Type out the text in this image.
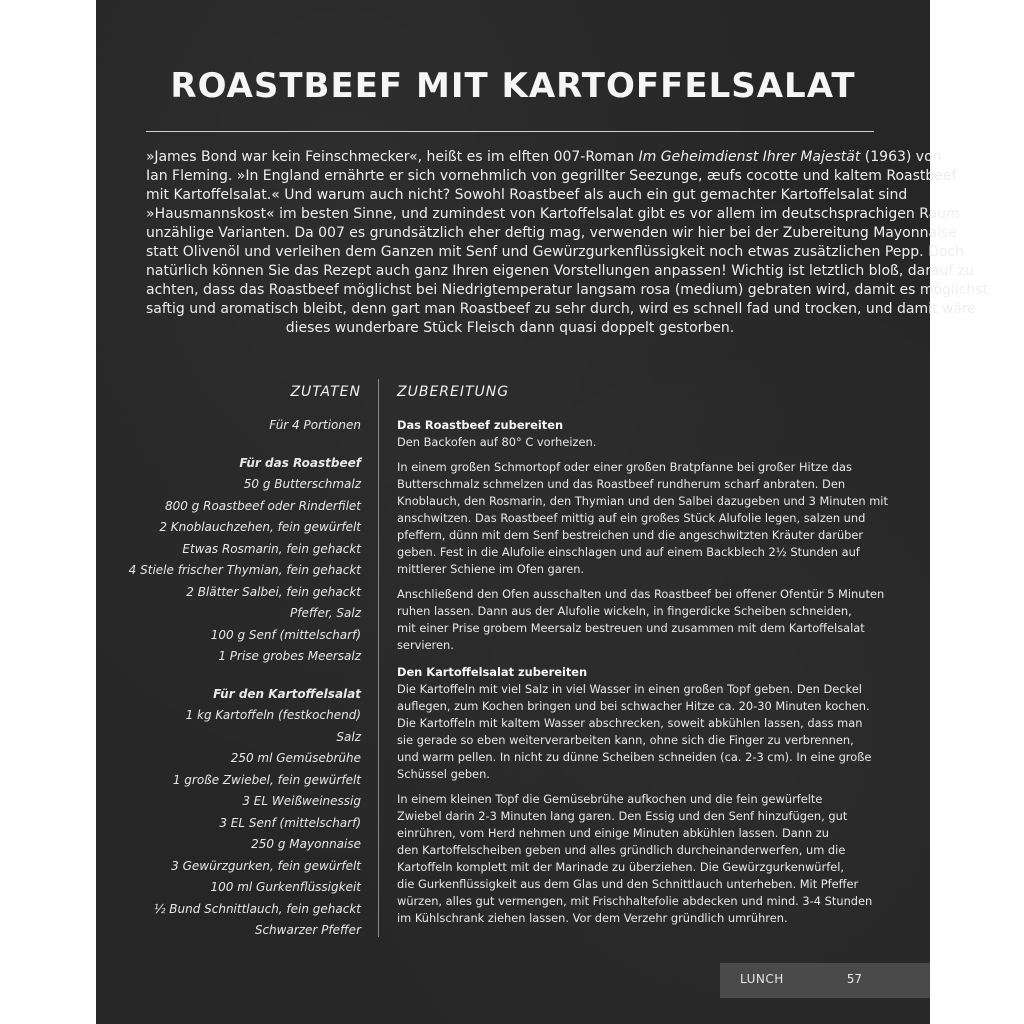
ROASTBEEF MIT KARTOFFELSALAT
»James Bond war kein Feinschmecker«, heißt es im elften 007-Roman Im Geheimdienst Ihrer Majestät (1963) von
Ian Fleming. »In England ernährte er sich vornehmlich von gegrillter Seezunge, æufs cocotte und kaltem Roastbeef
mit Kartoffelsalat.« Und warum auch nicht? Sowohl Roastbeef als auch ein gut gemachter Kartoffelsalat sind
»Hausmannskost« im besten Sinne, und zumindest von Kartoffelsalat gibt es vor allem im deutschsprachigen Raum
unzählige Varianten. Da 007 es grundsätzlich eher deftig mag, verwenden wir hier bei der Zubereitung Mayonnaise
statt Olivenöl und verleihen dem Ganzen mit Senf und Gewürzgurkenflüssigkeit noch etwas zusätzlichen Pepp. Doch
natürlich können Sie das Rezept auch ganz Ihren eigenen Vorstellungen anpassen! Wichtig ist letztlich bloß, darauf zu
achten, dass das Roastbeef möglichst bei Niedrigtemperatur langsam rosa (medium) gebraten wird, damit es möglichst
saftig und aromatisch bleibt, denn gart man Roastbeef zu sehr durch, wird es schnell fad und trocken, und damit wäre
dieses wunderbare Stück Fleisch dann quasi doppelt gestorben.
ZUTATEN	ZUBEREITUNG
Für 4 Portionen
Für das Roastbeef
50 g Butterschmalz
800 g Roastbeef oder Rinderfilet
2 Knoblauchzehen, fein gewürfelt
Etwas Rosmarin, fein gehackt
4 Stiele frischer Thymian, fein gehackt
2 Blätter Salbei, fein gehackt
Pfeffer, Salz
100 g Senf (mittelscharf)
1 Prise grobes Meersalz
Für den Kartoffelsalat
1 kg Kartoffeln (festkochend)
Salz
250 ml Gemüsebrühe
1 große Zwiebel, fein gewürfelt
3 EL Weißweinessig
3 EL Senf (mittelscharf)
250 g Mayonnaise
3 Gewürzgurken, fein gewürfelt
100 ml Gurkenflüssigkeit
½ Bund Schnittlauch, fein gehackt
Schwarzer Pfeffer
Das Roastbeef zubereiten
Den Backofen auf 80° C vorheizen.
In einem großen Schmortopf oder einer großen Bratpfanne bei großer Hitze das
Butterschmalz schmelzen und das Roastbeef rundherum scharf anbraten. Den
Knoblauch, den Rosmarin, den Thymian und den Salbei dazugeben und 3 Minuten mit
anschwitzen. Das Roastbeef mittig auf ein großes Stück Alufolie legen, salzen und
pfeffern, dünn mit dem Senf bestreichen und die angeschwitzten Kräuter darüber
geben. Fest in die Alufolie einschlagen und auf einem Backblech 2½ Stunden auf
mittlerer Schiene im Ofen garen.
Anschließend den Ofen ausschalten und das Roastbeef bei offener Ofentür 5 Minuten
ruhen lassen. Dann aus der Alufolie wickeln, in fingerdicke Scheiben schneiden,
mit einer Prise grobem Meersalz bestreuen und zusammen mit dem Kartoffelsalat
servieren.
Den Kartoffelsalat zubereiten
Die Kartoffeln mit viel Salz in viel Wasser in einen großen Topf geben. Den Deckel
auflegen, zum Kochen bringen und bei schwacher Hitze ca. 20-30 Minuten kochen.
Die Kartoffeln mit kaltem Wasser abschrecken, soweit abkühlen lassen, dass man
sie gerade so eben weiterverarbeiten kann, ohne sich die Finger zu verbrennen,
und warm pellen. In nicht zu dünne Scheiben schneiden (ca. 2-3 cm). In eine große
Schüssel geben.
In einem kleinen Topf die Gemüsebrühe aufkochen und die fein gewürfelte
Zwiebel darin 2-3 Minuten lang garen. Den Essig und den Senf hinzufügen, gut
einrühren, vom Herd nehmen und einige Minuten abkühlen lassen. Dann zu
den Kartoffelscheiben geben und alles gründlich durcheinanderwerfen, um die
Kartoffeln komplett mit der Marinade zu überziehen. Die Gewürzgurkenwürfel,
die Gurkenflüssigkeit aus dem Glas und den Schnittlauch unterheben. Mit Pfeffer
würzen, alles gut vermengen, mit Frischhaltefolie abdecken und mind. 3-4 Stunden
im Kühlschrank ziehen lassen. Vor dem Verzehr gründlich umrühren.
LUNCH	57
